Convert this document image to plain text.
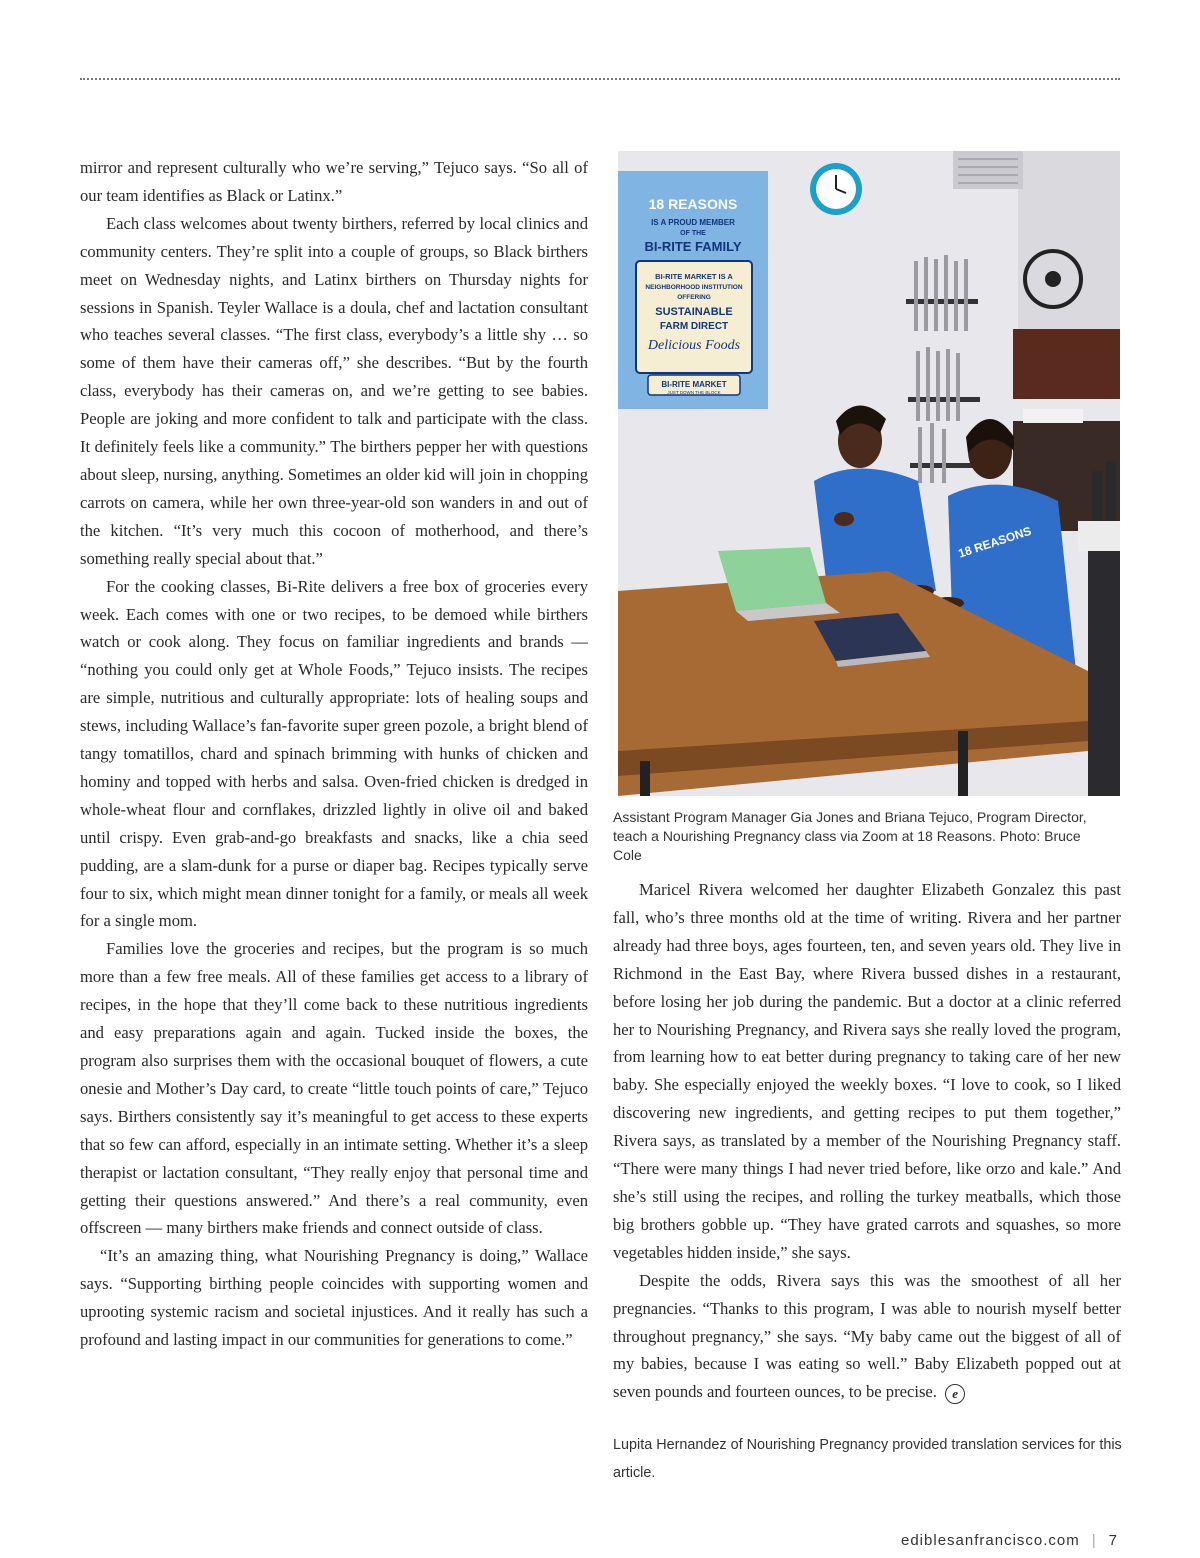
mirror and represent culturally who we’re serving,” Tejuco says. “So all of our team identifies as Black or Latinx.”

Each class welcomes about twenty birthers, referred by local clinics and community centers. They’re split into a couple of groups, so Black birthers meet on Wednesday nights, and Latinx birthers on Thursday nights for sessions in Spanish. Teyler Wallace is a doula, chef and lactation consultant who teaches several classes. “The first class, everybody’s a little shy … so some of them have their cameras off,” she describes. “But by the fourth class, everybody has their cameras on, and we’re getting to see babies. People are joking and more confident to talk and participate with the class. It definitely feels like a community.” The birthers pepper her with questions about sleep, nursing, anything. Sometimes an older kid will join in chopping carrots on camera, while her own three-year-old son wanders in and out of the kitchen. “It’s very much this cocoon of motherhood, and there’s something really special about that.”

For the cooking classes, Bi-Rite delivers a free box of groceries every week. Each comes with one or two recipes, to be demoed while birthers watch or cook along. They focus on familiar ingredients and brands — “nothing you could only get at Whole Foods,” Tejuco insists. The recipes are simple, nutritious and culturally appropriate: lots of healing soups and stews, including Wallace’s fan-favorite super green pozole, a bright blend of tangy tomatillos, chard and spinach brimming with hunks of chicken and hominy and topped with herbs and salsa. Oven-fried chicken is dredged in whole-wheat flour and cornflakes, drizzled lightly in olive oil and baked until crispy. Even grab-and-go breakfasts and snacks, like a chia seed pudding, are a slam-dunk for a purse or diaper bag. Recipes typically serve four to six, which might mean dinner tonight for a family, or meals all week for a single mom.

Families love the groceries and recipes, but the program is so much more than a few free meals. All of these families get access to a library of recipes, in the hope that they’ll come back to these nutritious ingredients and easy preparations again and again. Tucked inside the boxes, the program also surprises them with the occasional bouquet of flowers, a cute onesie and Mother’s Day card, to create “little touch points of care,” Tejuco says. Birthers consistently say it’s meaningful to get access to these experts that so few can afford, especially in an intimate setting. Whether it’s a sleep therapist or lactation consultant, “They really enjoy that personal time and getting their questions answered.” And there’s a real community, even offscreen — many birthers make friends and connect outside of class.

“It’s an amazing thing, what Nourishing Pregnancy is doing,” Wallace says. “Supporting birthing people coincides with supporting women and uprooting systemic racism and societal injustices. And it really has such a profound and lasting impact in our communities for generations to come.”

18 REASONS
IS A PROUD MEMBER
OF THE
BI-RITE FAMILY
BI-RITE MARKET IS A
NEIGHBORHOOD INSTITUTION
OFFERING
SUSTAINABLE
FARM DIRECT
Delicious Foods
BI-RITE MARKET
JUST DOWN THE BLOCK
18 REASONS
Assistant Program Manager Gia Jones and Briana Tejuco, Program Director, teach a Nourishing Pregnancy class via Zoom at 18 Reasons. Photo: Bruce Cole

Maricel Rivera welcomed her daughter Elizabeth Gonzalez this past fall, who’s three months old at the time of writing. Rivera and her partner already had three boys, ages fourteen, ten, and seven years old. They live in Richmond in the East Bay, where Rivera bussed dishes in a restaurant, before losing her job during the pandemic. But a doctor at a clinic referred her to Nourishing Pregnancy, and Rivera says she really loved the program, from learning how to eat better during pregnancy to taking care of her new baby. She especially enjoyed the weekly boxes. “I love to cook, so I liked discovering new ingredients, and getting recipes to put them together,” Rivera says, as translated by a member of the Nourishing Pregnancy staff. “There were many things I had never tried before, like orzo and kale.” And she’s still using the recipes, and rolling the turkey meatballs, which those big brothers gobble up. “They have grated carrots and squashes, so more vegetables hidden inside,” she says.

Despite the odds, Rivera says this was the smoothest of all her pregnancies. “Thanks to this program, I was able to nourish myself better throughout pregnancy,” she says. “My baby came out the biggest of all of my babies, because I was eating so well.” Baby Elizabeth popped out at seven pounds and fourteen ounces, to be precise. e

Lupita Hernandez of Nourishing Pregnancy provided translation services for this article.
ediblesanfrancisco.com | 7
